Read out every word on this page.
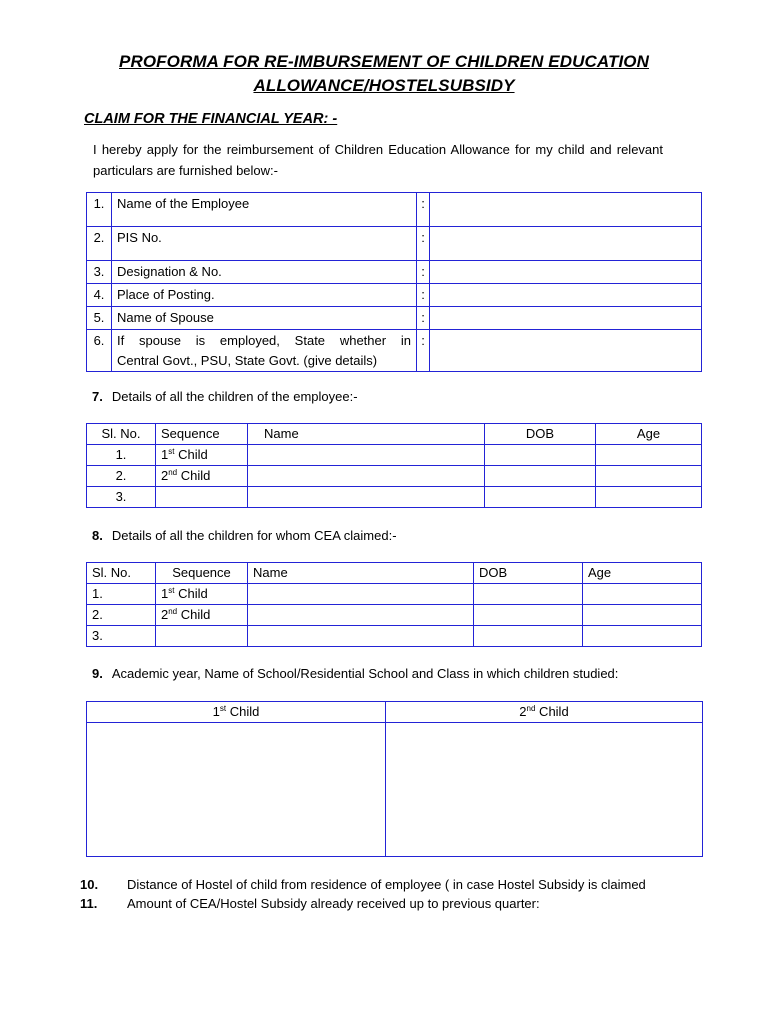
PROFORMA FOR RE-IMBURSEMENT OF CHILDREN EDUCATION
ALLOWANCE/HOSTELSUBSIDY
CLAIM FOR THE FINANCIAL YEAR: -
I hereby apply for the reimbursement of Children Education Allowance for my child and relevant particulars are furnished below:-
1.	Name of the Employee	:	
2.	PIS No.	:	
3.	Designation & No.	:	
4.	Place of Posting.	:	
5.	Name of Spouse	:	
6.	If spouse is employed, State whether in
Central Govt., PSU, State Govt. (give details)	:	
7. Details of all the children of the employee:-
Sl. No.	Sequence	Name	DOB	Age
1.	1st Child			
2.	2nd Child			
3.				
8. Details of all the children for whom CEA claimed:-
Sl. No.	Sequence	Name	DOB	Age
1.	1st Child			
2.	2nd Child			
3.				
9. Academic year, Name of School/Residential School and Class in which children studied:
1st Child	2nd Child

10. Distance of Hostel of child from residence of employee ( in case Hostel Subsidy is claimed
11. Amount of CEA/Hostel Subsidy already received up to previous quarter:
